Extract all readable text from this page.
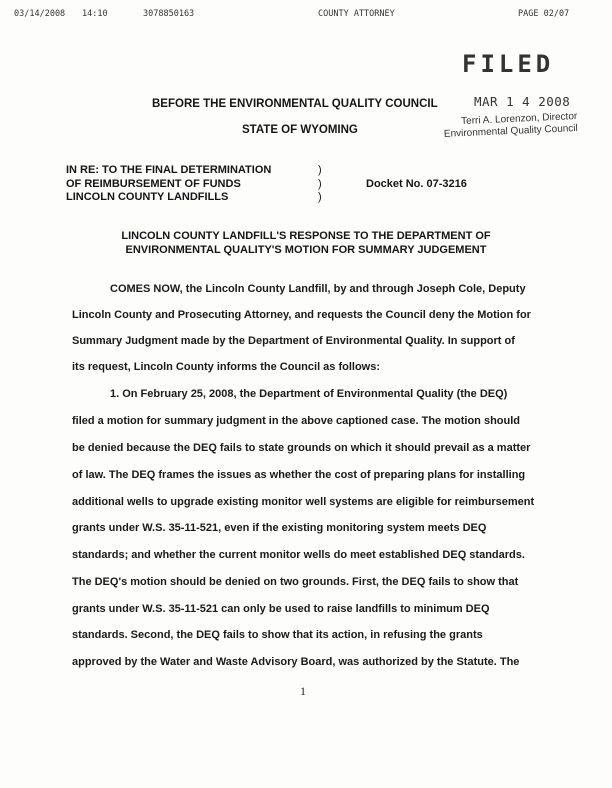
03/14/2008 14:10	3078850163	COUNTY ATTORNEY	PAGE 02/07
FILED
MAR 1 4 2008
Terri A. Lorenzon, Director
Environmental Quality Council
BEFORE THE ENVIRONMENTAL QUALITY COUNCIL
STATE OF WYOMING
IN RE: TO THE FINAL DETERMINATION
OF REIMBURSEMENT OF FUNDS
LINCOLN COUNTY LANDFILLS
)
)
)
Docket No. 07-3216
LINCOLN COUNTY LANDFILL'S RESPONSE TO THE DEPARTMENT OF
ENVIRONMENTAL QUALITY'S MOTION FOR SUMMARY JUDGEMENT
COMES NOW, the Lincoln County Landfill, by and through Joseph Cole, Deputy
Lincoln County and Prosecuting Attorney, and requests the Council deny the Motion for
Summary Judgment made by the Department of Environmental Quality. In support of
its request, Lincoln County informs the Council as follows:
1. On February 25, 2008, the Department of Environmental Quality (the DEQ)
filed a motion for summary judgment in the above captioned case. The motion should
be denied because the DEQ fails to state grounds on which it should prevail as a matter
of law. The DEQ frames the issues as whether the cost of preparing plans for installing
additional wells to upgrade existing monitor well systems are eligible for reimbursement
grants under W.S. 35-11-521, even if the existing monitoring system meets DEQ
standards; and whether the current monitor wells do meet established DEQ standards.
The DEQ's motion should be denied on two grounds. First, the DEQ fails to show that
grants under W.S. 35-11-521 can only be used to raise landfills to minimum DEQ
standards. Second, the DEQ fails to show that its action, in refusing the grants
approved by the Water and Waste Advisory Board, was authorized by the Statute. The
1
